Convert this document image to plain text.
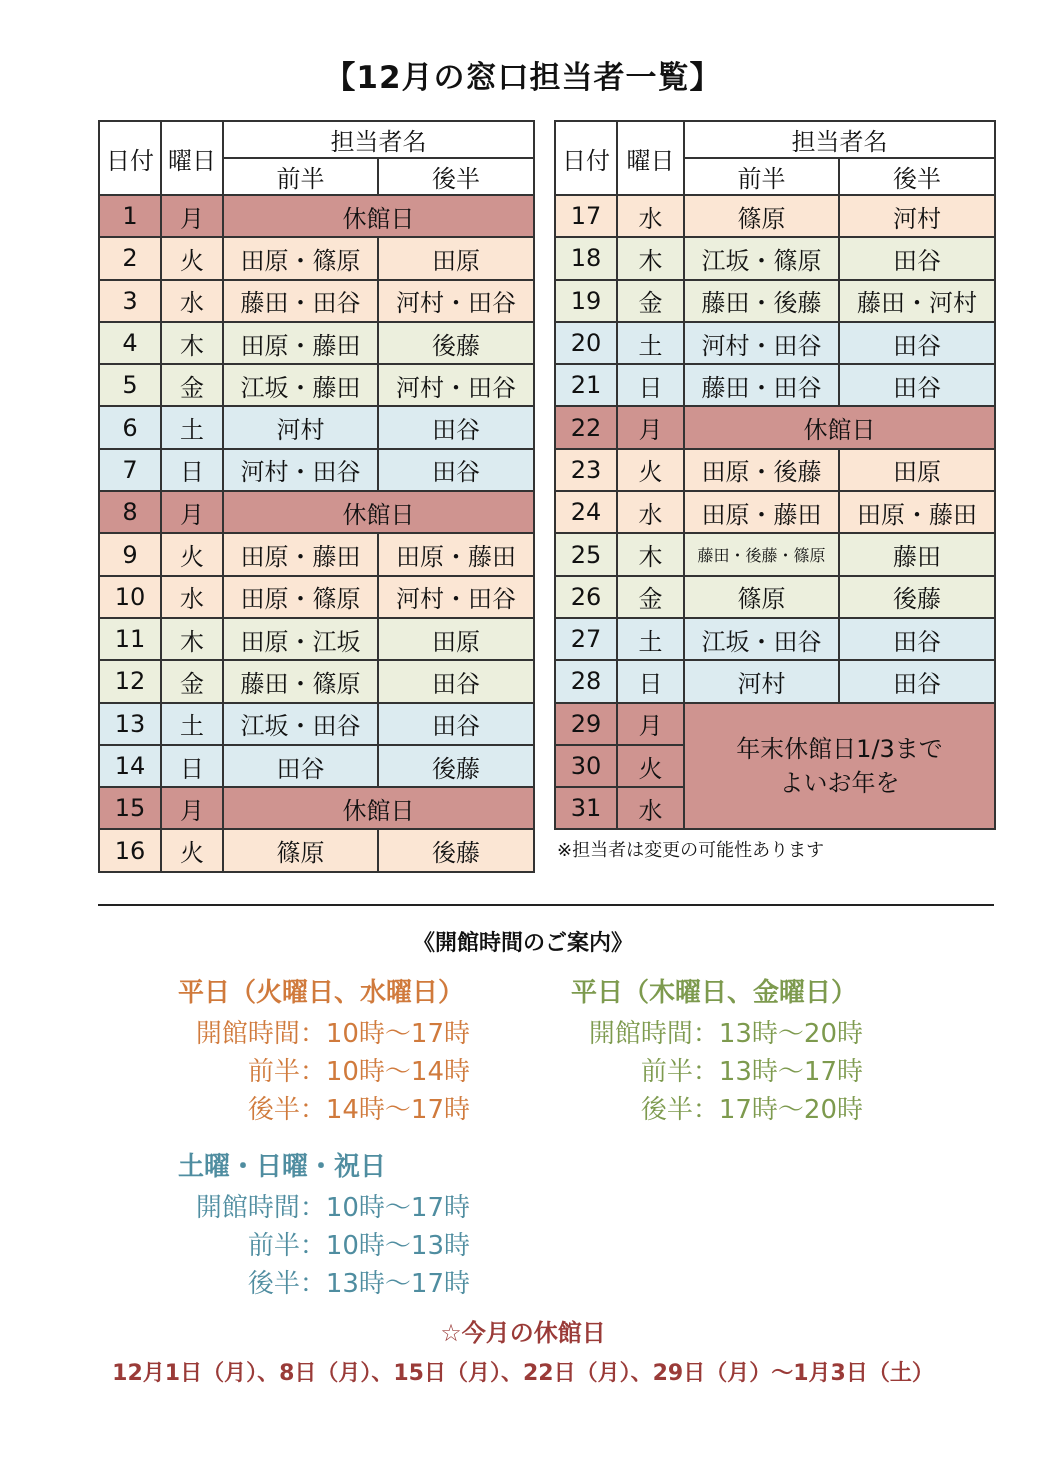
【12月の窓口担当者一覧】
日付	曜日	担当者名	
		前半	後半
1	月	休館日	
2	火	田原・篠原	田原
3	水	藤田・田谷	河村・田谷
4	木	田原・藤田	後藤
5	金	江坂・藤田	河村・田谷
6	土	河村	田谷
7	日	河村・田谷	田谷
8	月	休館日	
9	火	田原・藤田	田原・藤田
10	水	田原・篠原	河村・田谷
11	木	田原・江坂	田原
12	金	藤田・篠原	田谷
13	土	江坂・田谷	田谷
14	日	田谷	後藤
15	月	休館日	
16	火	篠原	後藤
日付	曜日	担当者名	
		前半	後半
17	水	篠原	河村
18	木	江坂・篠原	田谷
19	金	藤田・後藤	藤田・河村
20	土	河村・田谷	田谷
21	日	藤田・田谷	田谷
22	月	休館日	
23	火	田原・後藤	田原
24	水	田原・藤田	田原・藤田
25	木	藤田・後藤・篠原	藤田
26	金	篠原	後藤
27	土	江坂・田谷	田谷
28	日	河村	田谷
29	月	年末休館日1/3まで
よいお年を	

30	火		
31	水		
※担当者は変更の可能性あります
《開館時間のご案内》
平日（火曜日、水曜日）
開館時間：10時～17時
前半：10時～14時
後半：14時～17時
平日（木曜日、金曜日）
開館時間：13時～20時
前半：13時～17時
後半：17時～20時
土曜・日曜・祝日
開館時間：10時～17時
前半：10時～13時
後半：13時～17時
☆今月の休館日
12月1日（月）、8日（月）、15日（月）、22日（月）、29日（月）～1月3日（土）
